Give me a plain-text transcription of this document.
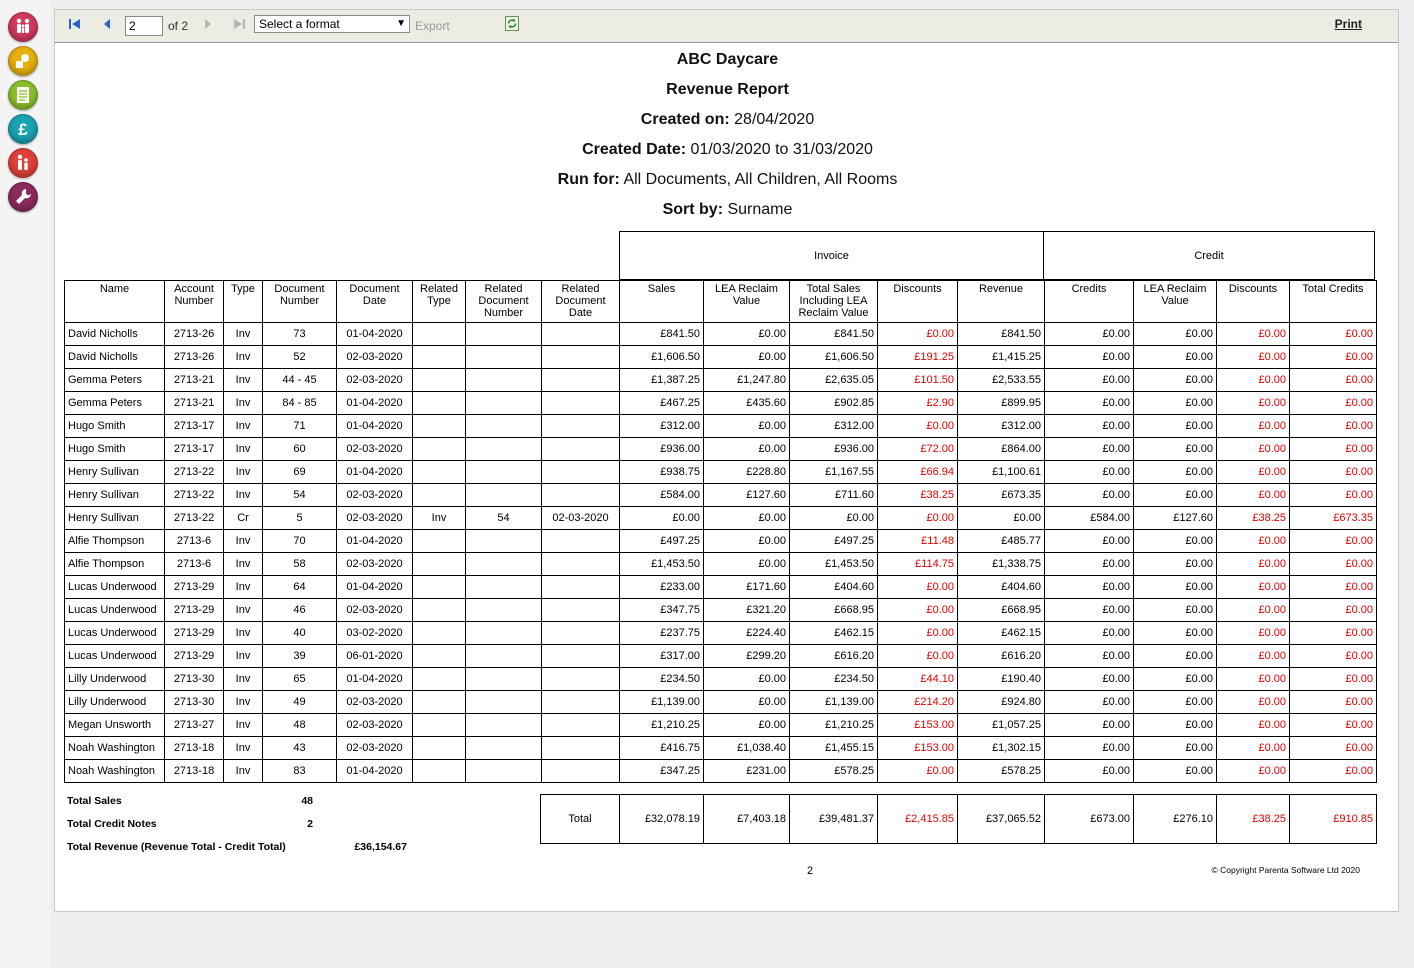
£
2
of 2	Select a format	▼ Export	Print
ABC Daycare
Revenue Report
Created on: 28/04/2020
Created Date: 01/03/2020 to 31/03/2020
Run for: All Documents, All Children, All Rooms
Sort by: Surname
Invoice	Credit
Name	Account Number	Type	Document Number	Document Date	Related Type	Related Document Number	Related Document Date	Sales	LEA Reclaim Value	Total Sales Including LEA Reclaim Value	Discounts	Revenue	Credits	LEA Reclaim Value	Discounts	Total Credits
David Nicholls	2713-26	Inv	73	01-04-2020				£841.50	£0.00	£841.50	£0.00	£841.50	£0.00	£0.00	£0.00	£0.00
David Nicholls	2713-26	Inv	52	02-03-2020				£1,606.50	£0.00	£1,606.50	£191.25	£1,415.25	£0.00	£0.00	£0.00	£0.00
Gemma Peters	2713-21	Inv	44 - 45	02-03-2020				£1,387.25	£1,247.80	£2,635.05	£101.50	£2,533.55	£0.00	£0.00	£0.00	£0.00
Gemma Peters	2713-21	Inv	84 - 85	01-04-2020				£467.25	£435.60	£902.85	£2.90	£899.95	£0.00	£0.00	£0.00	£0.00
Hugo Smith	2713-17	Inv	71	01-04-2020				£312.00	£0.00	£312.00	£0.00	£312.00	£0.00	£0.00	£0.00	£0.00
Hugo Smith	2713-17	Inv	60	02-03-2020				£936.00	£0.00	£936.00	£72.00	£864.00	£0.00	£0.00	£0.00	£0.00
Henry Sullivan	2713-22	Inv	69	01-04-2020				£938.75	£228.80	£1,167.55	£66.94	£1,100.61	£0.00	£0.00	£0.00	£0.00
Henry Sullivan	2713-22	Inv	54	02-03-2020				£584.00	£127.60	£711.60	£38.25	£673.35	£0.00	£0.00	£0.00	£0.00
Henry Sullivan	2713-22	Cr	5	02-03-2020	Inv	54	02-03-2020	£0.00	£0.00	£0.00	£0.00	£0.00	£584.00	£127.60	£38.25	£673.35
Alfie Thompson	2713-6	Inv	70	01-04-2020				£497.25	£0.00	£497.25	£11.48	£485.77	£0.00	£0.00	£0.00	£0.00
Alfie Thompson	2713-6	Inv	58	02-03-2020				£1,453.50	£0.00	£1,453.50	£114.75	£1,338.75	£0.00	£0.00	£0.00	£0.00
Lucas Underwood	2713-29	Inv	64	01-04-2020				£233.00	£171.60	£404.60	£0.00	£404.60	£0.00	£0.00	£0.00	£0.00
Lucas Underwood	2713-29	Inv	46	02-03-2020				£347.75	£321.20	£668.95	£0.00	£668.95	£0.00	£0.00	£0.00	£0.00
Lucas Underwood	2713-29	Inv	40	03-02-2020				£237.75	£224.40	£462.15	£0.00	£462.15	£0.00	£0.00	£0.00	£0.00
Lucas Underwood	2713-29	Inv	39	06-01-2020				£317.00	£299.20	£616.20	£0.00	£616.20	£0.00	£0.00	£0.00	£0.00
Lilly Underwood	2713-30	Inv	65	01-04-2020				£234.50	£0.00	£234.50	£44.10	£190.40	£0.00	£0.00	£0.00	£0.00
Lilly Underwood	2713-30	Inv	49	02-03-2020				£1,139.00	£0.00	£1,139.00	£214.20	£924.80	£0.00	£0.00	£0.00	£0.00
Megan Unsworth	2713-27	Inv	48	02-03-2020				£1,210.25	£0.00	£1,210.25	£153.00	£1,057.25	£0.00	£0.00	£0.00	£0.00
Noah Washington	2713-18	Inv	43	02-03-2020				£416.75	£1,038.40	£1,455.15	£153.00	£1,302.15	£0.00	£0.00	£0.00	£0.00
Noah Washington	2713-18	Inv	83	01-04-2020				£347.25	£231.00	£578.25	£0.00	£578.25	£0.00	£0.00	£0.00	£0.00
Total Sales	48
Total Credit Notes	2
Total Revenue (Revenue Total - Credit Total)	£36,154.67
Total	£32,078.19	£7,403.18	£39,481.37	£2,415.85	£37,065.52	£673.00	£276.10	£38.25	£910.85
2	© Copyright Parenta Software Ltd 2020
